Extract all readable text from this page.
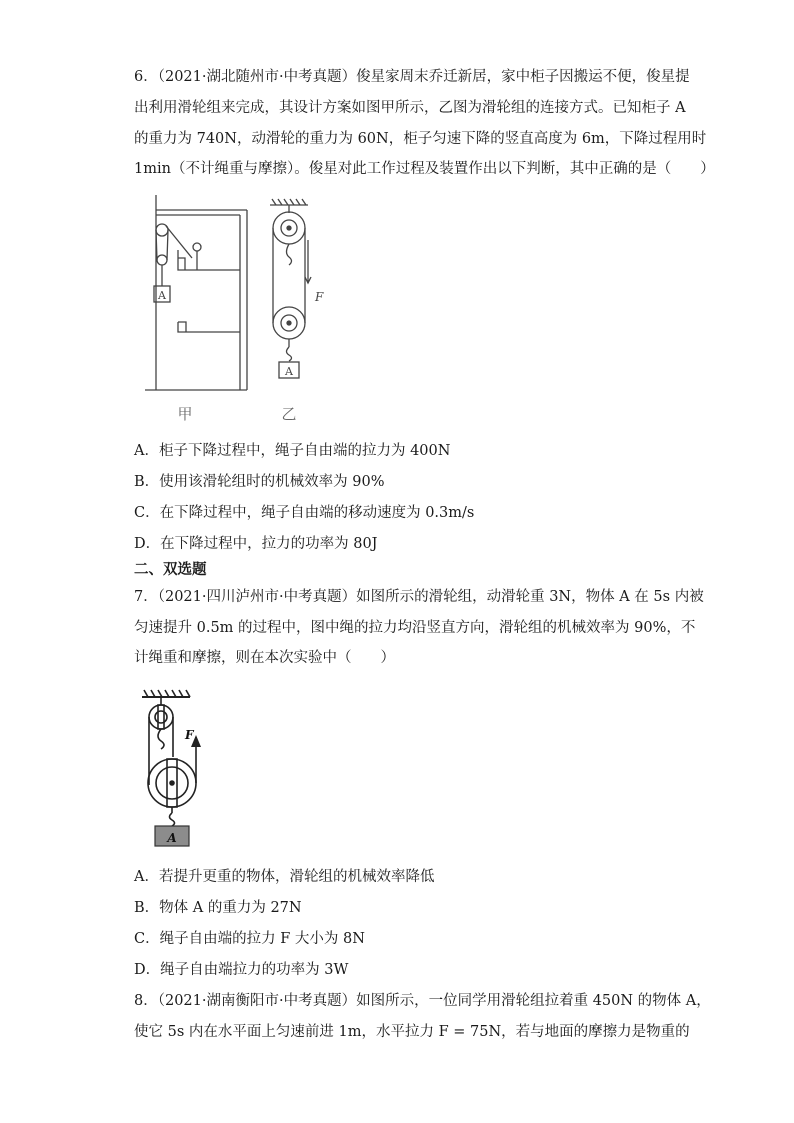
6．（2021·湖北随州市·中考真题）俊星家周末乔迁新居，家中柜子因搬运不便，俊星提
出利用滑轮组来完成，其设计方案如图甲所示，乙图为滑轮组的连接方式。已知柜子 A
的重力为 740N，动滑轮的重力为 60N，柜子匀速下降的竖直高度为 6m，下降过程用时
1min（不计绳重与摩擦）。俊星对此工作过程及装置作出以下判断，其中正确的是（　　）
A
甲
F
A
乙
A．柜子下降过程中，绳子自由端的拉力为 400N
B．使用该滑轮组时的机械效率为 90%
C．在下降过程中，绳子自由端的移动速度为 0.3m/s
D．在下降过程中，拉力的功率为 80J
二、双选题
7．（2021·四川泸州市·中考真题）如图所示的滑轮组，动滑轮重 3N，物体 A 在 5s 内被
匀速提升 0.5m 的过程中，图中绳的拉力均沿竖直方向，滑轮组的机械效率为 90%，不
计绳重和摩擦，则在本次实验中（　　）
A
F
A．若提升更重的物体，滑轮组的机械效率降低
B．物体 A 的重力为 27N
C．绳子自由端的拉力 F 大小为 8N
D．绳子自由端拉力的功率为 3W
8．（2021·湖南衡阳市·中考真题）如图所示，一位同学用滑轮组拉着重 450N 的物体 A，
使它 5s 内在水平面上匀速前进 1m，水平拉力 F = 75N，若与地面的摩擦力是物重的
